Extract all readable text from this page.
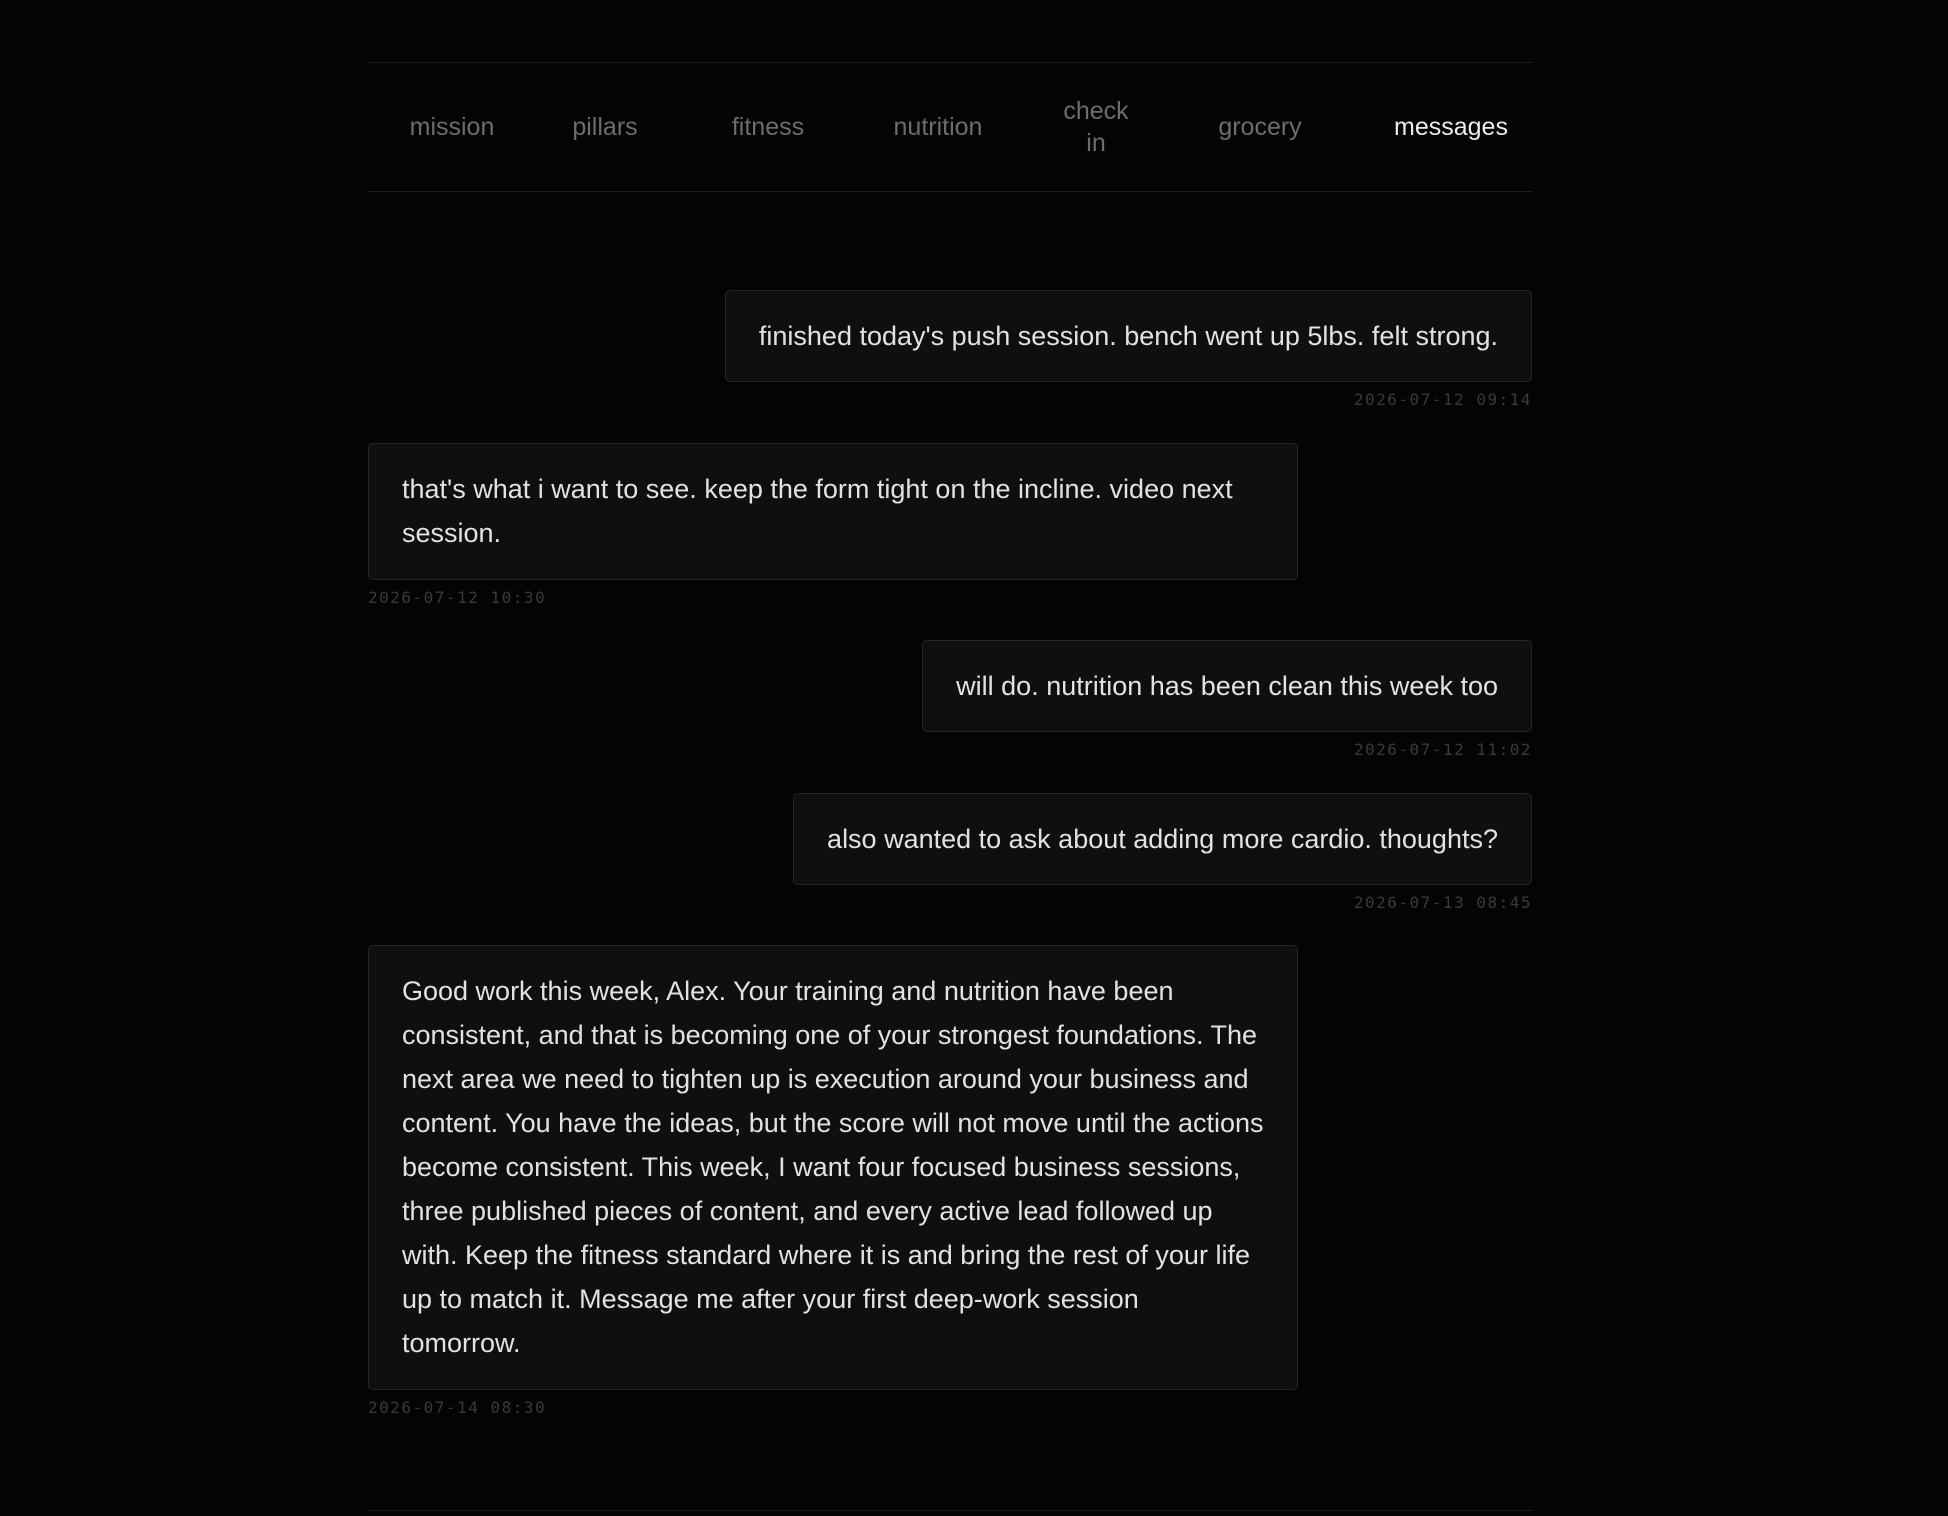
mission	pillars	fitness	nutrition
check
in
grocery	messages
finished today's push session. bench went up 5lbs. felt strong.
2026-07-12 09:14
that's what i want to see. keep the form tight on the incline. video next session.
2026-07-12 10:30
will do. nutrition has been clean this week too
2026-07-12 11:02
also wanted to ask about adding more cardio. thoughts?
2026-07-13 08:45
Good work this week, Alex. Your training and nutrition have been consistent, and that is becoming one of your strongest foundations. The next area we need to tighten up is execution around your business and content. You have the ideas, but the score will not move until the actions become consistent. This week, I want four focused business sessions, three published pieces of content, and every active lead followed up with. Keep the fitness standard where it is and bring the rest of your life up to match it. Message me after your first deep-work session tomorrow.
2026-07-14 08:30
